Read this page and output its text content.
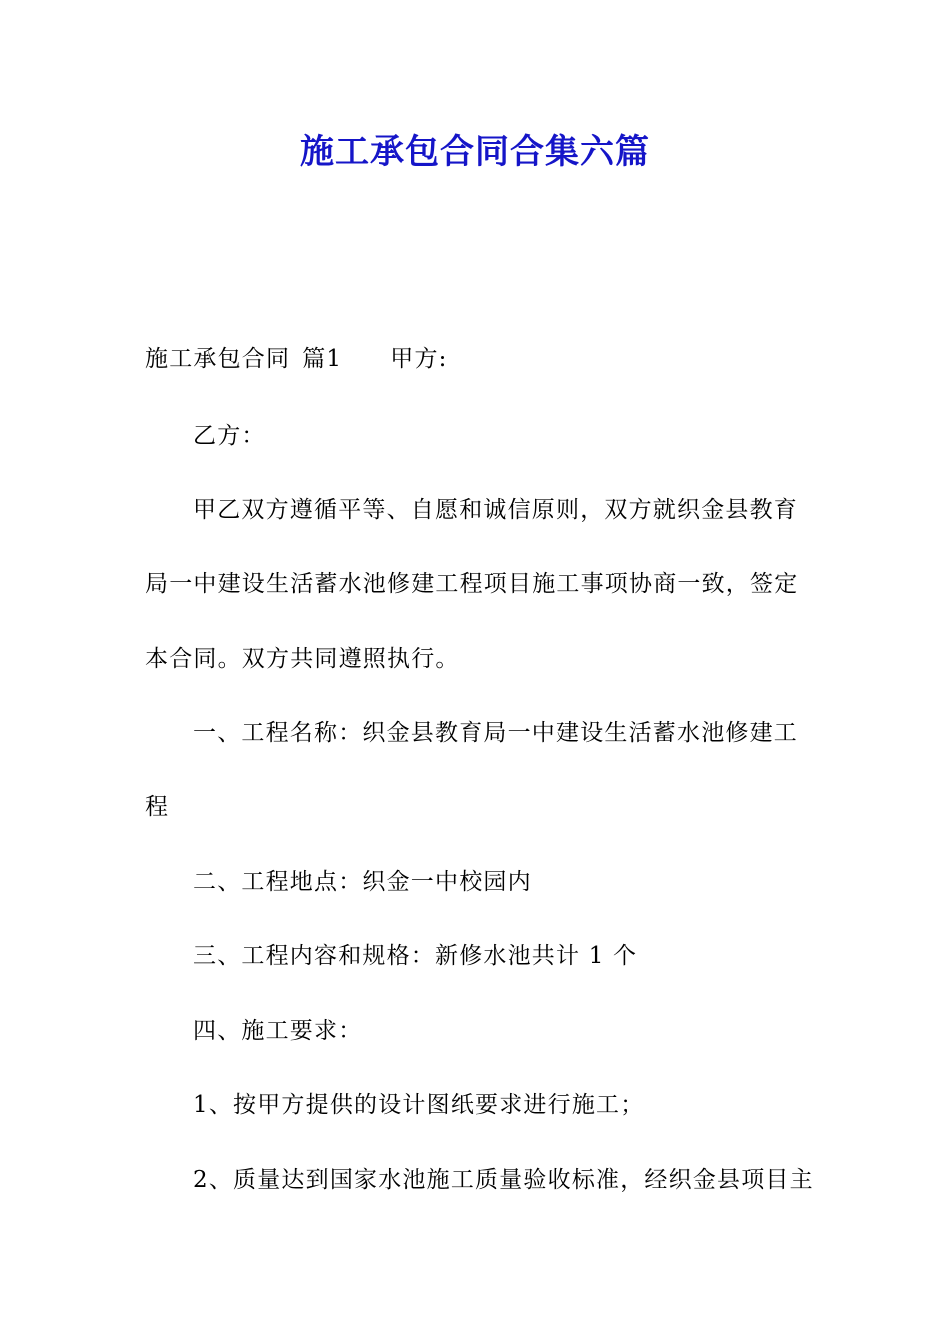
施工承包合同合集六篇
施工承包合同 篇1 甲方:
乙方：
甲乙双方遵循平等、自愿和诚信原则，双方就织金县教育
局一中建设生活蓄水池修建工程项目施工事项协商一致，签定
本合同。双方共同遵照执行。
一、工程名称：织金县教育局一中建设生活蓄水池修建工
程
二、工程地点：织金一中校园内
三、工程内容和规格：新修水池共计 1 个
四、施工要求：
1、按甲方提供的设计图纸要求进行施工；
2、质量达到国家水池施工质量验收标准，经织金县项目主
